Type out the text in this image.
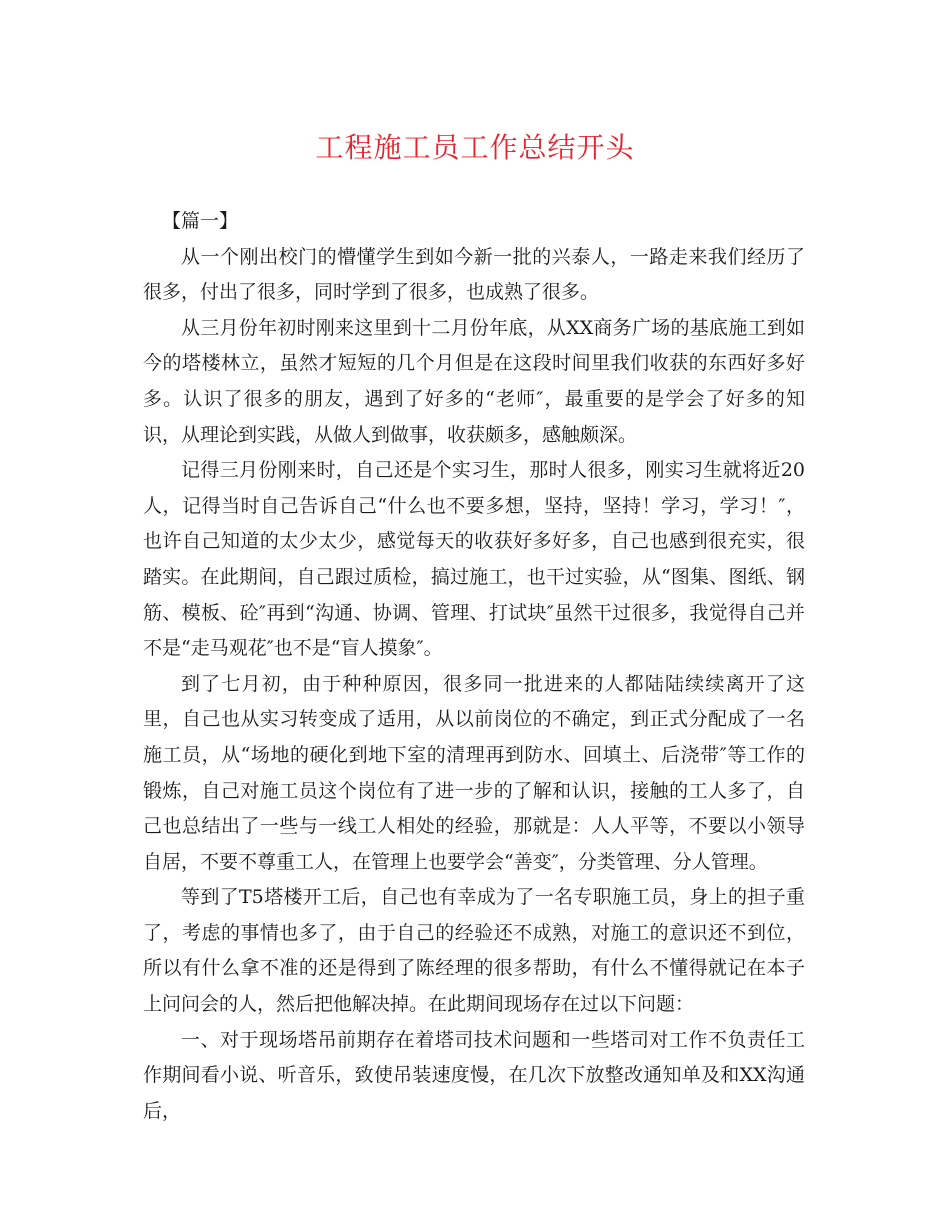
工程施工员工作总结开头

【篇一】

从一个刚出校门的懵懂学生到如今新一批的兴泰人，一路走来我们经历了很多，付出了很多，同时学到了很多，也成熟了很多。

从三月份年初时刚来这里到十二月份年底，从XX商务广场的基底施工到如今的塔楼林立，虽然才短短的几个月但是在这段时间里我们收获的东西好多好多。认识了很多的朋友，遇到了好多的“老师″，最重要的是学会了好多的知识，从理论到实践，从做人到做事，收获颇多，感触颇深。

记得三月份刚来时，自己还是个实习生，那时人很多，刚实习生就将近20人，记得当时自己告诉自己“什么也不要多想，坚持，坚持！学习，学习！″，也许自己知道的太少太少，感觉每天的收获好多好多，自己也感到很充实，很踏实。在此期间，自己跟过质检，搞过施工，也干过实验，从“图集、图纸、钢筋、模板、砼″再到“沟通、协调、管理、打试块″虽然干过很多，我觉得自己并不是“走马观花″也不是“盲人摸象″。

到了七月初，由于种种原因，很多同一批进来的人都陆陆续续离开了这里，自己也从实习转变成了适用，从以前岗位的不确定，到正式分配成了一名施工员，从“场地的硬化到地下室的清理再到防水、回填土、后浇带″等工作的锻炼，自己对施工员这个岗位有了进一步的了解和认识，接触的工人多了，自己也总结出了一些与一线工人相处的经验，那就是：人人平等，不要以小领导自居，不要不尊重工人，在管理上也要学会“善变″，分类管理、分人管理。

等到了T5塔楼开工后，自己也有幸成为了一名专职施工员，身上的担子重了，考虑的事情也多了，由于自己的经验还不成熟，对施工的意识还不到位，所以有什么拿不准的还是得到了陈经理的很多帮助，有什么不懂得就记在本子上问问会的人，然后把他解决掉。在此期间现场存在过以下问题：

一、对于现场塔吊前期存在着塔司技术问题和一些塔司对工作不负责任工作期间看小说、听音乐，致使吊装速度慢，在几次下放整改通知单及和XX沟通后，
